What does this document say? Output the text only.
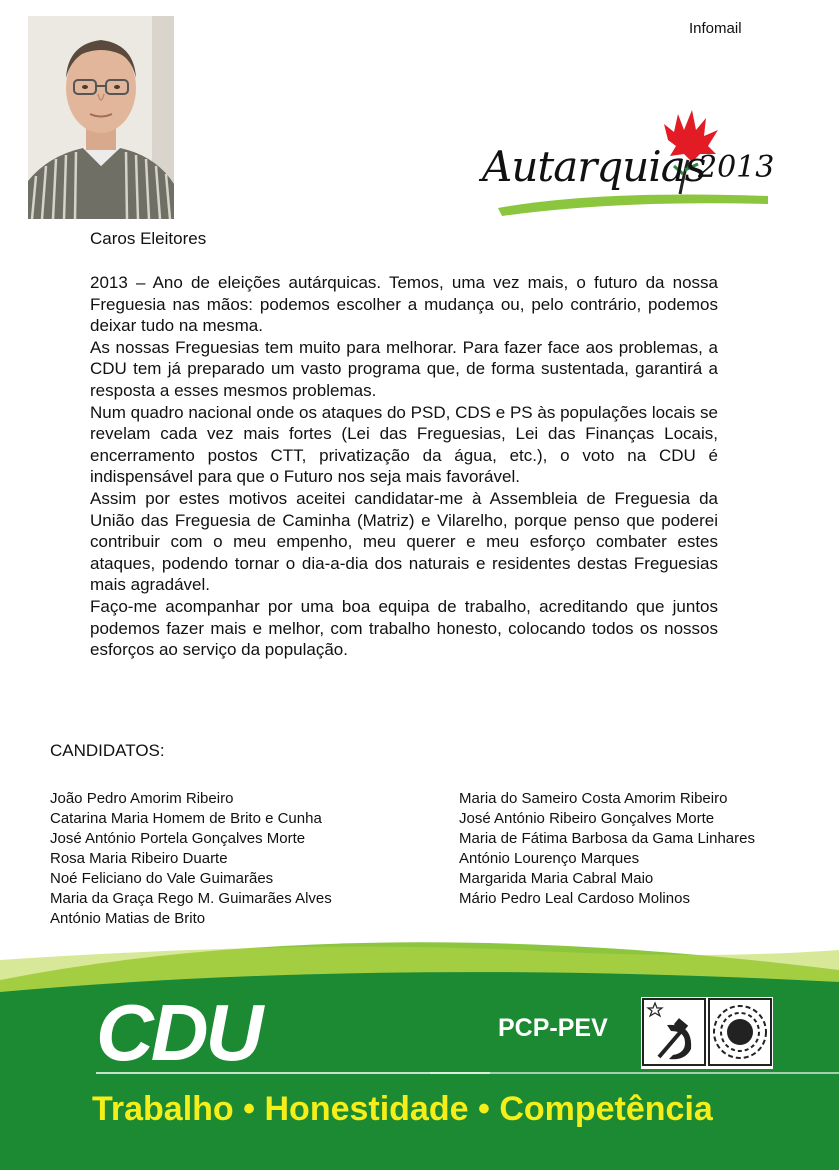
Infomail
Autarquias
2013
Caros Eleitores

2013 – Ano de eleições autárquicas. Temos, uma vez mais, o futuro da nossa Freguesia nas mãos: podemos escolher a mudança ou, pelo contrário, podemos deixar tudo na mesma.

As nossas Freguesias tem muito para melhorar. Para fazer face aos problemas, a CDU tem já preparado um vasto programa que, de forma sustentada, garantirá a resposta a esses mesmos problemas.

Num quadro nacional onde os ataques do PSD, CDS e PS às populações locais se revelam cada vez mais fortes (Lei das Freguesias, Lei das Finanças Locais, encerramento postos CTT, privatização da água, etc.), o voto na CDU é indispensável para que o Futuro nos seja mais favorável.

Assim por estes motivos aceitei candidatar-me à Assembleia de Freguesia da União das Freguesia de Caminha (Matriz) e Vilarelho, porque penso que poderei contribuir com o meu empenho, meu querer e meu esforço combater estes ataques, podendo tornar o dia-a-dia dos naturais e residentes destas Freguesias mais agradável.

Faço-me acompanhar por uma boa equipa de trabalho, acreditando que juntos podemos fazer mais e melhor, com trabalho honesto, colocando todos os nossos esforços ao serviço da população.

CANDIDATOS:
João Pedro Amorim Ribeiro
Catarina Maria Homem de Brito e Cunha
José António Portela Gonçalves Morte
Rosa Maria Ribeiro Duarte
Noé Feliciano do Vale Guimarães
Maria da Graça Rego M. Guimarães Alves
António Matias de Brito
Maria do Sameiro Costa Amorim Ribeiro
José António Ribeiro Gonçalves Morte
Maria de Fátima Barbosa da Gama Linhares
António Lourenço Marques
Margarida Maria Cabral Maio
Mário Pedro Leal Cardoso Molinos
CDU	PCP-PEV
Trabalho • Honestidade • Competência
